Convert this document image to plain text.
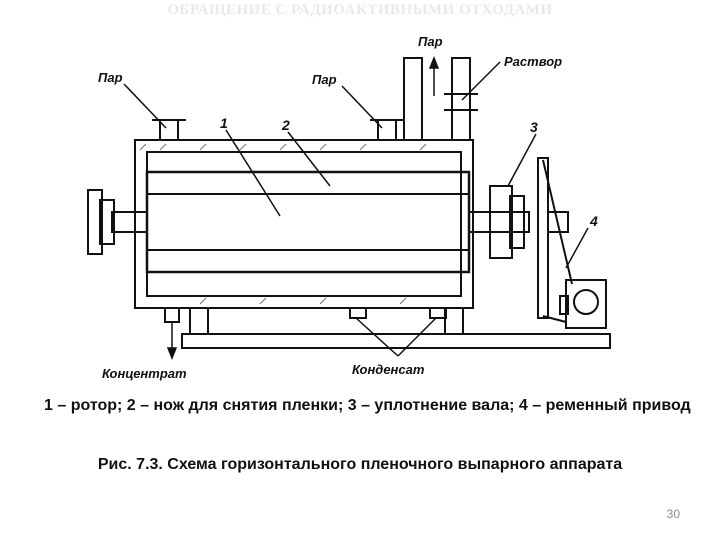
ОБРАЩЕНИЕ С РАДИОАКТИВНЫМИ ОТХОДАМИ
Пар	Пар
Пар
Раствор
Концентрат	Конденсат
1	2	3
4
1 – ротор; 2 – нож для снятия пленки; 3 – уплотнение вала; 4 – ременный привод
Рис. 7.3. Схема горизонтального пленочного выпарного аппарата
30
